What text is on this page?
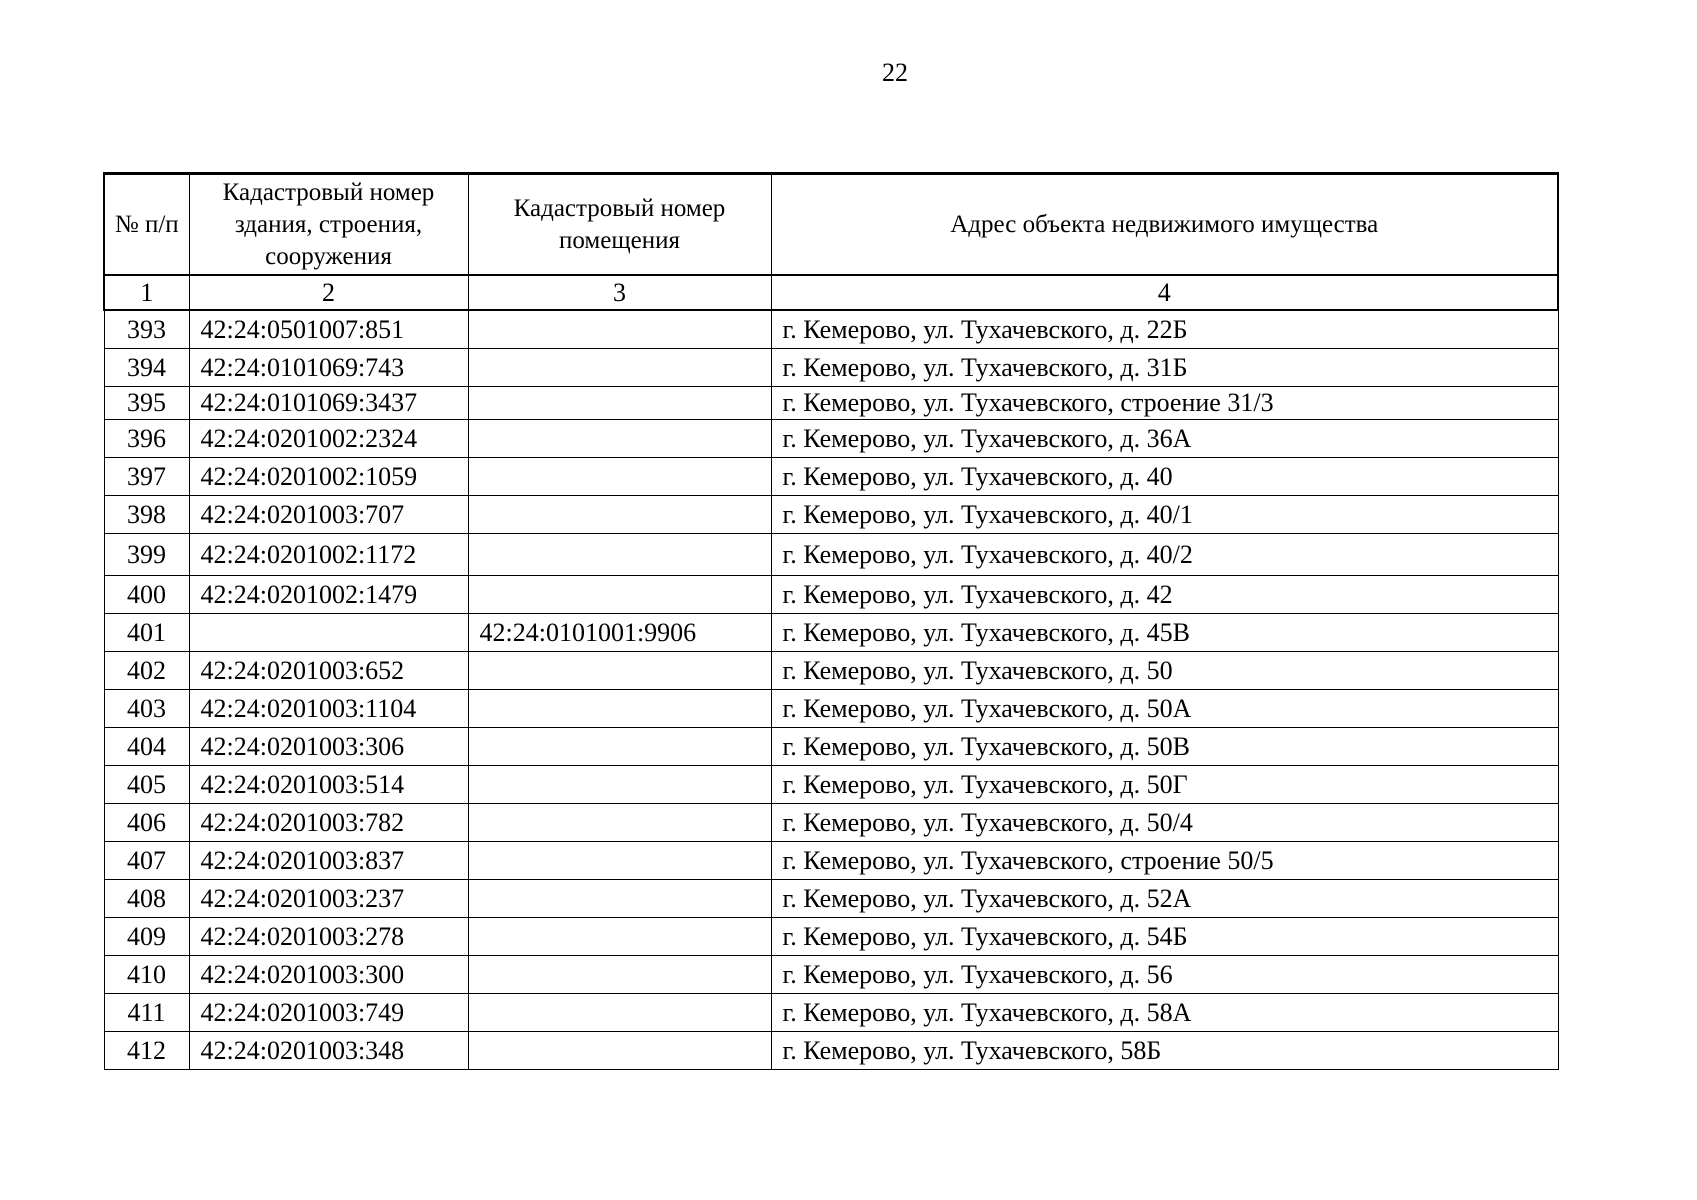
22
№ п/п	Кадастровый номер здания, строения, сооружения	Кадастровый номер помещения	Адрес объекта недвижимого имущества
1	2	3	4
393	42:24:0501007:851		г. Кемерово, ул. Тухачевского, д. 22Б
394	42:24:0101069:743		г. Кемерово, ул. Тухачевского, д. 31Б
395	42:24:0101069:3437		г. Кемерово, ул. Тухачевского, строение 31/3
396	42:24:0201002:2324		г. Кемерово, ул. Тухачевского, д. 36А
397	42:24:0201002:1059		г. Кемерово, ул. Тухачевского, д. 40
398	42:24:0201003:707		г. Кемерово, ул. Тухачевского, д. 40/1
399	42:24:0201002:1172		г. Кемерово, ул. Тухачевского, д. 40/2
400	42:24:0201002:1479		г. Кемерово, ул. Тухачевского, д. 42
401		42:24:0101001:9906	г. Кемерово, ул. Тухачевского, д. 45В
402	42:24:0201003:652		г. Кемерово, ул. Тухачевского, д. 50
403	42:24:0201003:1104		г. Кемерово, ул. Тухачевского, д. 50А
404	42:24:0201003:306		г. Кемерово, ул. Тухачевского, д. 50В
405	42:24:0201003:514		г. Кемерово, ул. Тухачевского, д. 50Г
406	42:24:0201003:782		г. Кемерово, ул. Тухачевского, д. 50/4
407	42:24:0201003:837		г. Кемерово, ул. Тухачевского, строение 50/5
408	42:24:0201003:237		г. Кемерово, ул. Тухачевского, д. 52А
409	42:24:0201003:278		г. Кемерово, ул. Тухачевского, д. 54Б
410	42:24:0201003:300		г. Кемерово, ул. Тухачевского, д. 56
411	42:24:0201003:749		г. Кемерово, ул. Тухачевского, д. 58А
412	42:24:0201003:348		г. Кемерово, ул. Тухачевского, 58Б
